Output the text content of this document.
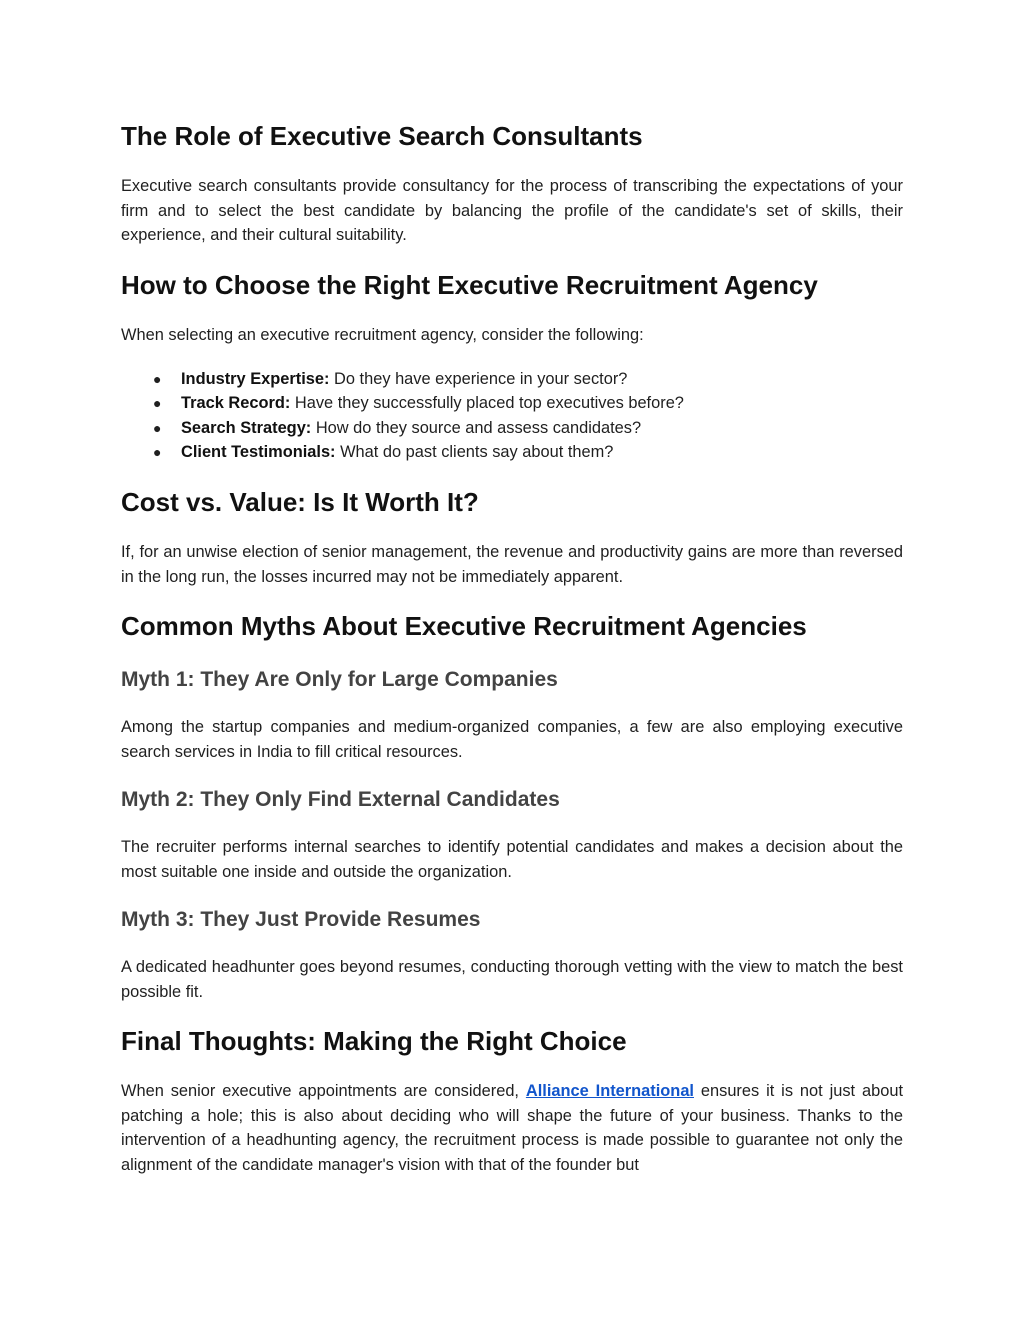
The Role of Executive Search Consultants

Executive search consultants provide consultancy for the process of transcribing the expectations of your firm and to select the best candidate by balancing the profile of the candidate's set of skills, their experience, and their cultural suitability.

How to Choose the Right Executive Recruitment Agency

When selecting an executive recruitment agency, consider the following:

● Industry Expertise: Do they have experience in your sector?
● Track Record: Have they successfully placed top executives before?
● Search Strategy: How do they source and assess candidates?
● Client Testimonials: What do past clients say about them?
Cost vs. Value: Is It Worth It?

If, for an unwise election of senior management, the revenue and productivity gains are more than reversed in the long run, the losses incurred may not be immediately apparent.

Common Myths About Executive Recruitment Agencies
Myth 1: They Are Only for Large Companies

Among the startup companies and medium-organized companies, a few are also employing executive search services in India to fill critical resources.

Myth 2: They Only Find External Candidates

The recruiter performs internal searches to identify potential candidates and makes a decision about the most suitable one inside and outside the organization.

Myth 3: They Just Provide Resumes

A dedicated headhunter goes beyond resumes, conducting thorough vetting with the view to match the best possible fit.

Final Thoughts: Making the Right Choice

When senior executive appointments are considered, Alliance International ensures it is not just about patching a hole; this is also about deciding who will shape the future of your business. Thanks to the intervention of a headhunting agency, the recruitment process is made possible to guarantee not only the alignment of the candidate manager's vision with that of the founder but
